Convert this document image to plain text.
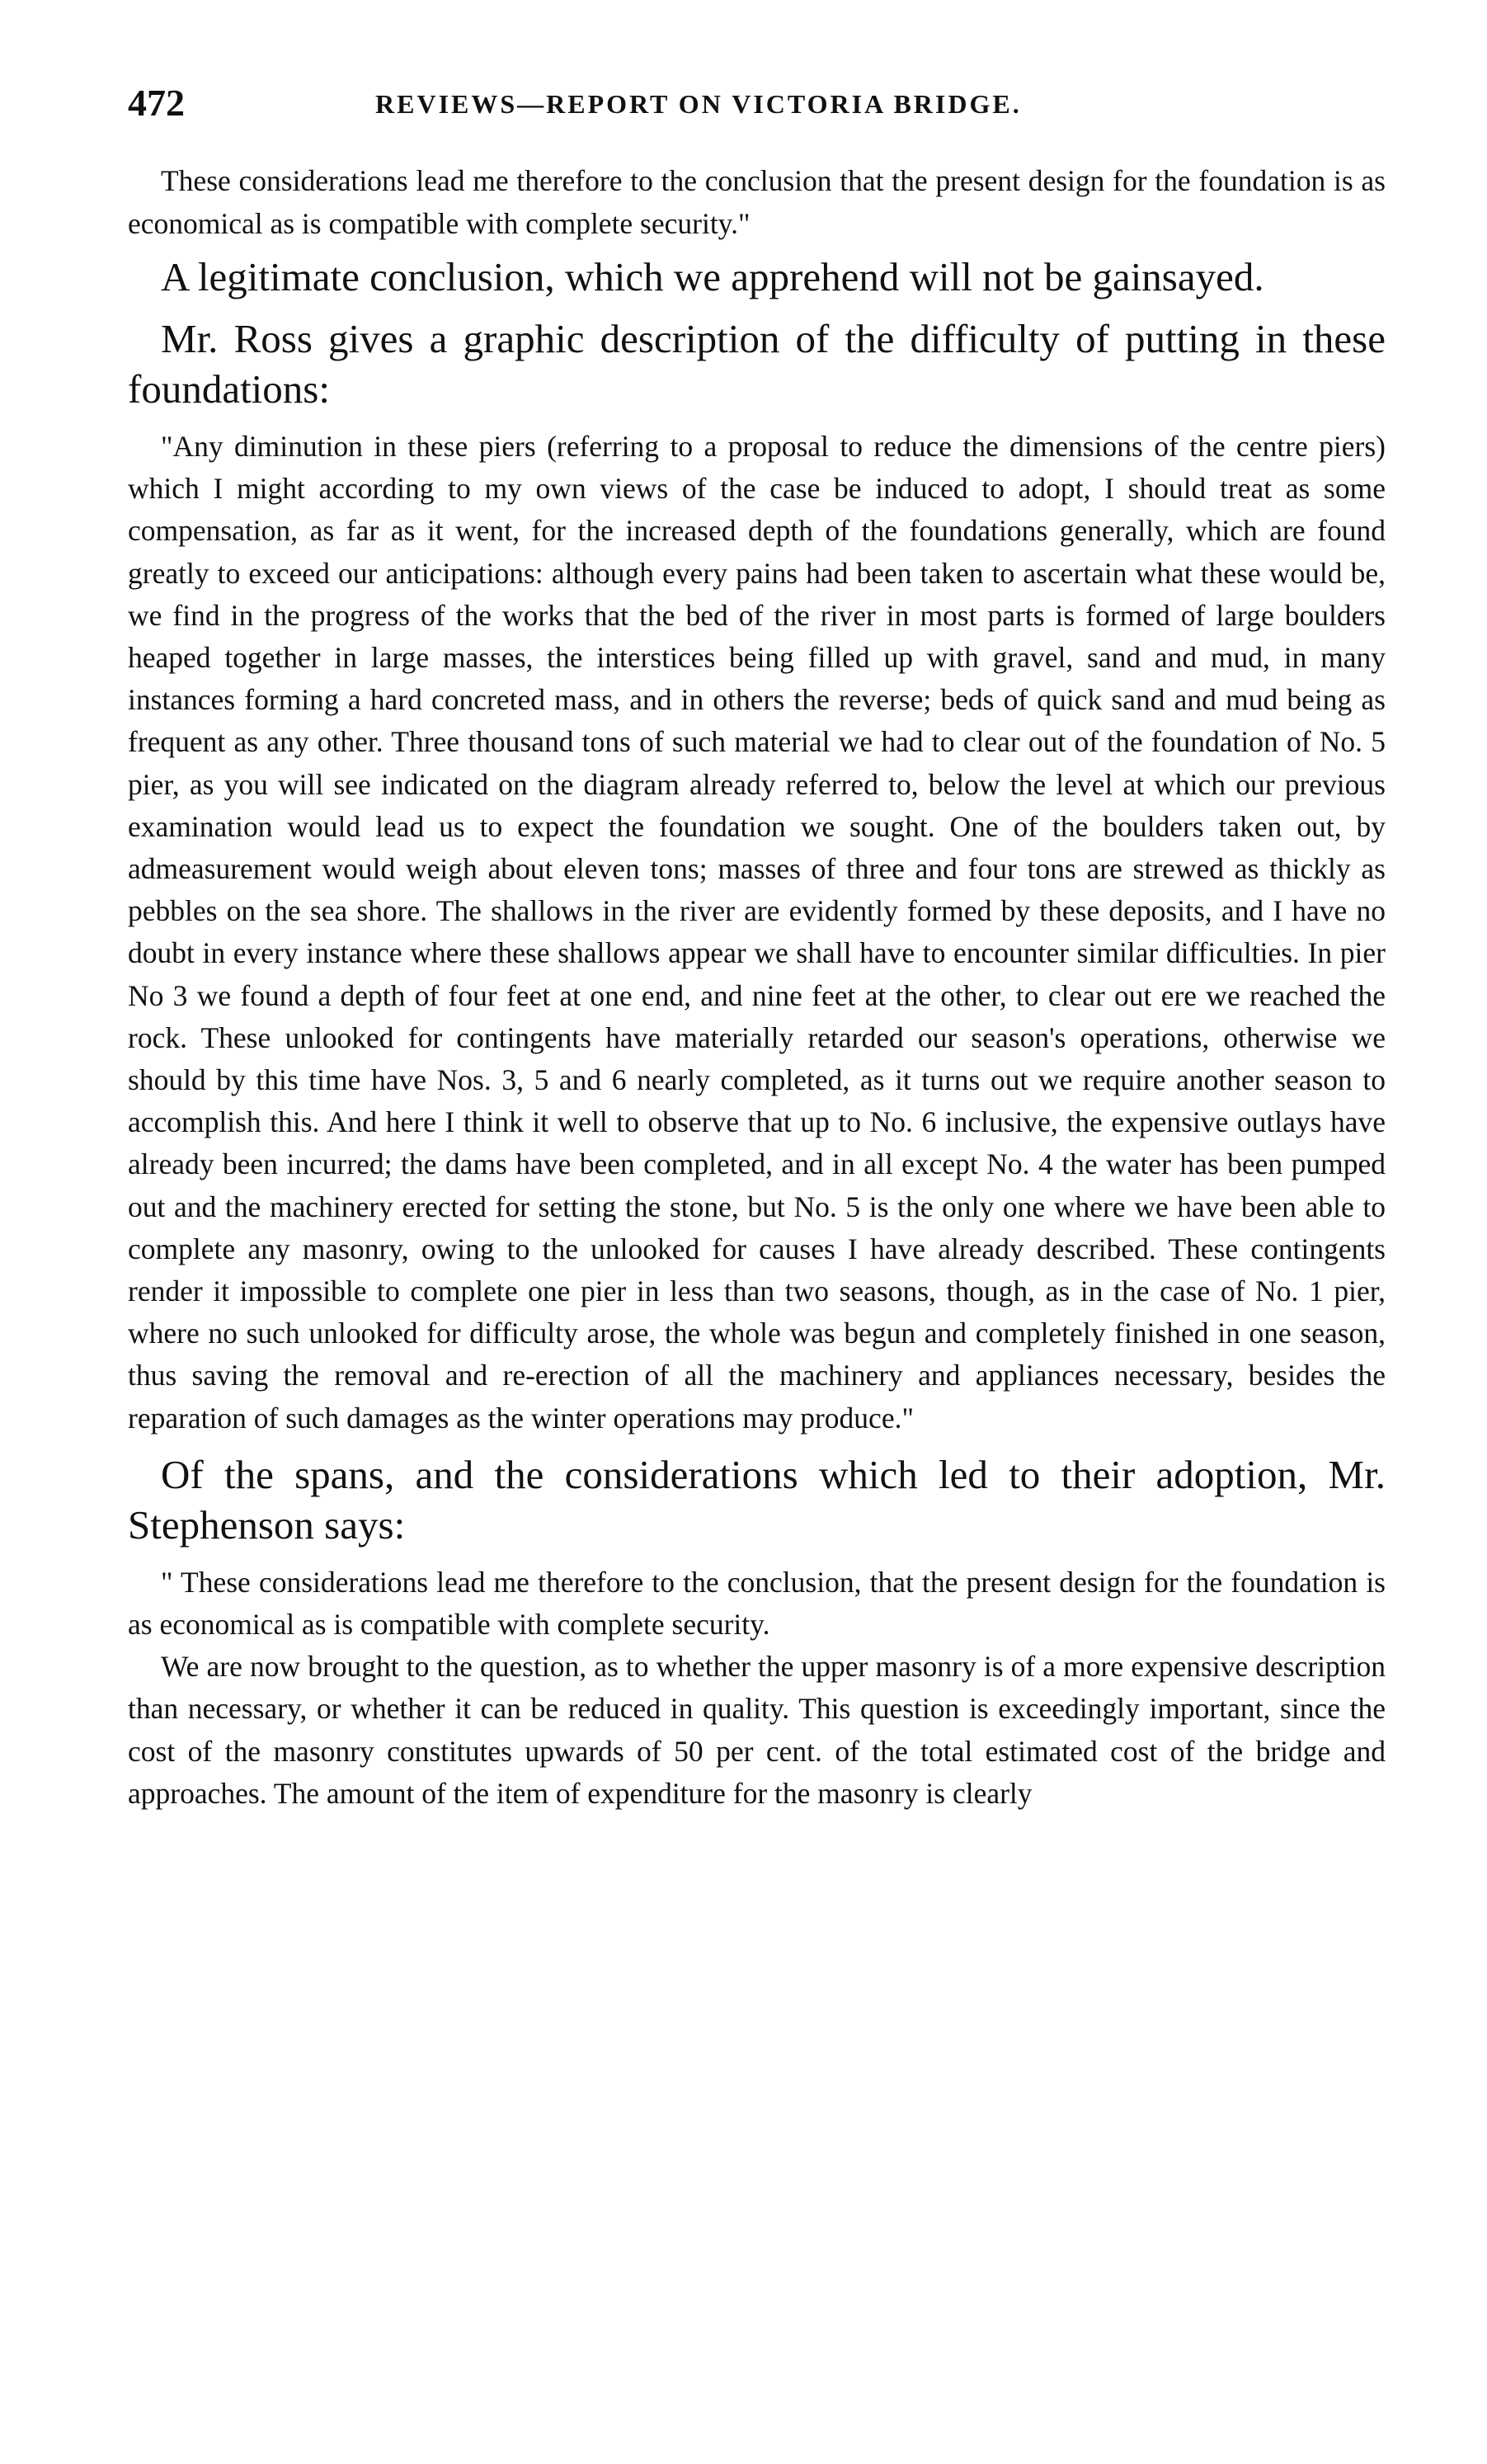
472	REVIEWS—REPORT ON VICTORIA BRIDGE.

These considerations lead me therefore to the conclusion that the present design for the foundation is as economical as is compatible with complete security."

A legitimate conclusion, which we apprehend will not be gainsayed.

Mr. Ross gives a graphic description of the difficulty of putting in these foundations:

"Any diminution in these piers (referring to a proposal to reduce the dimensions of the centre piers) which I might according to my own views of the case be induced to adopt, I should treat as some compensation, as far as it went, for the increased depth of the foundations generally, which are found greatly to exceed our anticipations: although every pains had been taken to ascertain what these would be, we find in the progress of the works that the bed of the river in most parts is formed of large boulders heaped together in large masses, the interstices being filled up with gravel, sand and mud, in many instances forming a hard concreted mass, and in others the reverse; beds of quick sand and mud being as frequent as any other. Three thousand tons of such material we had to clear out of the foundation of No. 5 pier, as you will see indicated on the diagram already referred to, below the level at which our previous examination would lead us to expect the foundation we sought. One of the boulders taken out, by admeasurement would weigh about eleven tons; masses of three and four tons are strewed as thickly as pebbles on the sea shore. The shallows in the river are evidently formed by these deposits, and I have no doubt in every instance where these shallows appear we shall have to encounter similar difficulties. In pier No 3 we found a depth of four feet at one end, and nine feet at the other, to clear out ere we reached the rock. These unlooked for contingents have materially retarded our season's operations, otherwise we should by this time have Nos. 3, 5 and 6 nearly completed, as it turns out we require another season to accomplish this. And here I think it well to observe that up to No. 6 inclusive, the expensive outlays have already been incurred; the dams have been completed, and in all except No. 4 the water has been pumped out and the machinery erected for setting the stone, but No. 5 is the only one where we have been able to complete any masonry, owing to the unlooked for causes I have already described. These contingents render it impossible to complete one pier in less than two seasons, though, as in the case of No. 1 pier, where no such unlooked for difficulty arose, the whole was begun and completely finished in one season, thus saving the removal and re-erection of all the machinery and appliances necessary, besides the reparation of such damages as the winter operations may produce."

Of the spans, and the considerations which led to their adoption, Mr. Stephenson says:

" These considerations lead me therefore to the conclusion, that the present design for the foundation is as economical as is compatible with complete security.

We are now brought to the question, as to whether the upper masonry is of a more expensive description than necessary, or whether it can be reduced in quality. This question is exceedingly important, since the cost of the masonry constitutes upwards of 50 per cent. of the total estimated cost of the bridge and approaches. The amount of the item of expenditure for the masonry is clearly
